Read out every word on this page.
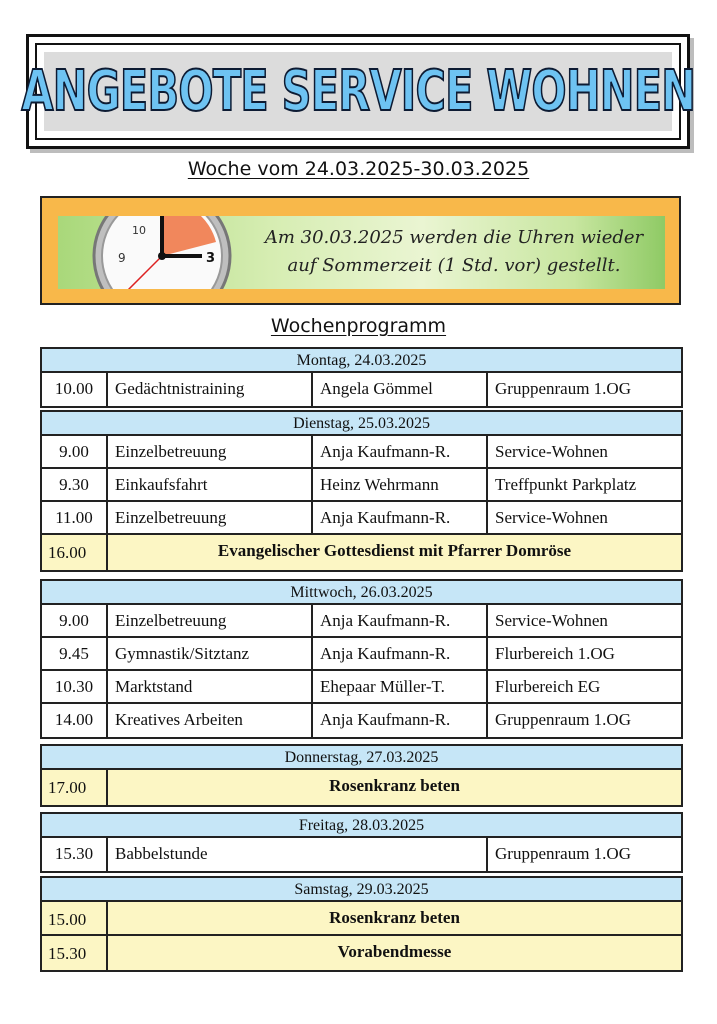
ANGEBOTE SERVICE WOHNEN
Woche vom 24.03.2025-30.03.2025
10
9	3
Am 30.03.2025 werden die Uhren wieder
auf Sommerzeit (1 Std. vor) gestellt.
Wochenprogramm
Montag, 24.03.2025
10.00	Gedächtnistraining	Angela Gömmel	Gruppenraum 1.OG
Dienstag, 25.03.2025
9.00	Einzelbetreuung	Anja Kaufmann-R.	Service-Wohnen
9.30	Einkaufsfahrt	Heinz Wehrmann	Treffpunkt Parkplatz
11.00	Einzelbetreuung	Anja Kaufmann-R.	Service-Wohnen
16.00	Evangelischer Gottesdienst mit Pfarrer Domröse
Mittwoch, 26.03.2025
9.00	Einzelbetreuung	Anja Kaufmann-R.	Service-Wohnen
9.45	Gymnastik/Sitztanz	Anja Kaufmann-R.	Flurbereich 1.OG
10.30	Marktstand	Ehepaar Müller-T.	Flurbereich EG
14.00	Kreatives Arbeiten	Anja Kaufmann-R.	Gruppenraum 1.OG
Donnerstag, 27.03.2025
17.00	Rosenkranz beten
Freitag, 28.03.2025
15.30	Babbelstunde	Gruppenraum 1.OG
Samstag, 29.03.2025
15.00	Rosenkranz beten
15.30	Vorabendmesse
